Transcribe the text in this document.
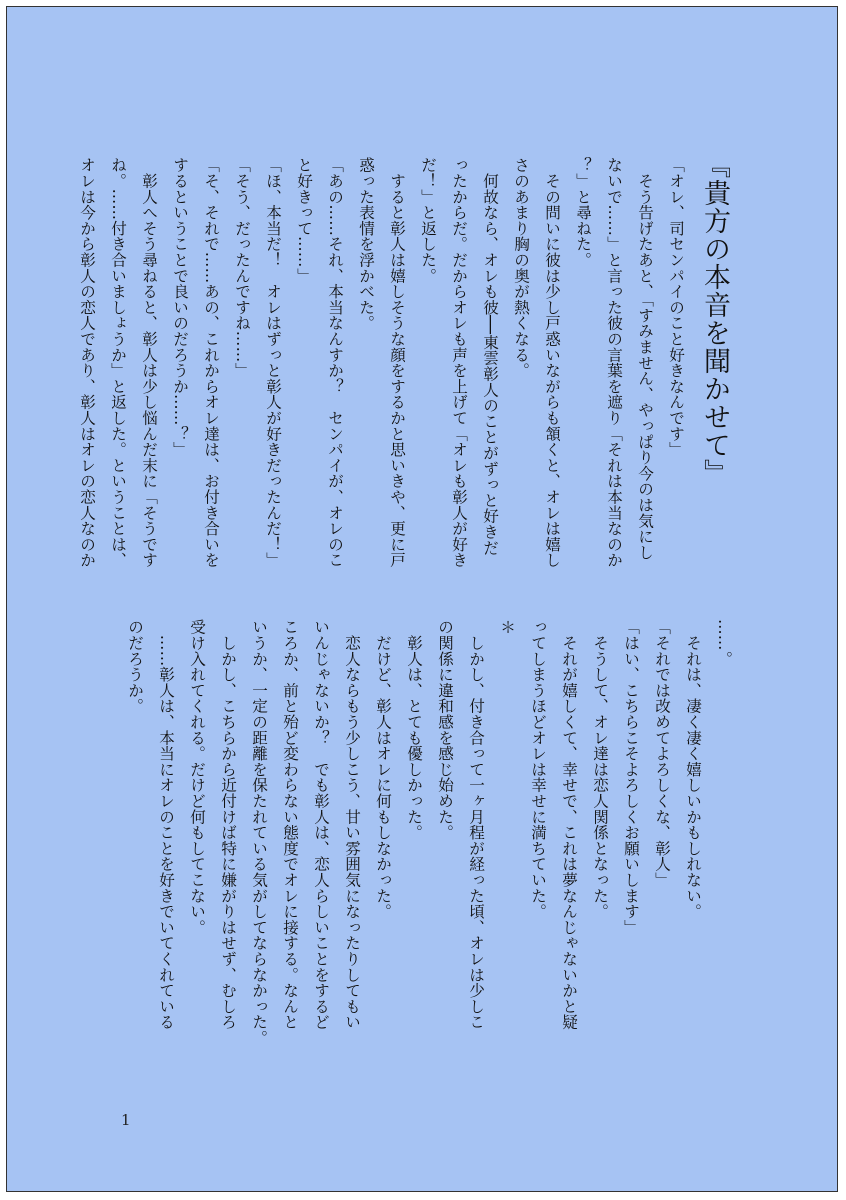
『貴方の本音を聞かせて』

「オレ、司センパイのこと好きなんです」

　そう告げたあと、「すみません、やっぱり今のは気にし

ないで……」と言った彼の言葉を遮り「それは本当なのか

？」と尋ねた。

　その問いに彼は少し戸惑いながらも頷くと、オレは嬉し

さのあまり胸の奥が熱くなる。

　何故なら、オレも彼──東雲彰人のことがずっと好きだ

ったからだ。だからオレも声を上げて「オレも彰人が好き

だ！」と返した。

　すると彰人は嬉しそうな顔をするかと思いきや、更に戸

惑った表情を浮かべた。

「あの……それ、本当なんすか？　センパイが、オレのこ

と好きって……」

「ほ、本当だ！　オレはずっと彰人が好きだったんだ！」

「そう、だったんですね……」

「そ、それで……あの、これからオレ達は、お付き合いを

するということで良いのだろうか……？」

　彰人へそう尋ねると、彰人は少し悩んだ末に「そうです

ね。……付き合いましょうか」と返した。ということは、

オレは今から彰人の恋人であり、彰人はオレの恋人なのか

……。

　それは、凄く凄く嬉しいかもしれない。

「それでは改めてよろしくな、彰人」

「はい、こちらこそよろしくお願いします」

　そうして、オレ達は恋人関係となった。

　それが嬉しくて、幸せで、これは夢なんじゃないかと疑

ってしまうほどオレは幸せに満ちていた。

＊

　しかし、付き合って一ヶ月程が経った頃、オレは少しこ

の関係に違和感を感じ始めた。

　彰人は、とても優しかった。

　だけど、彰人はオレに何もしなかった。

　恋人ならもう少しこう、甘い雰囲気になったりしてもい

いんじゃないか？　でも彰人は、恋人らしいことをするど

ころか、前と殆ど変わらない態度でオレに接する。なんと

いうか、一定の距離を保たれている気がしてならなかった。

　しかし、こちらから近付けば特に嫌がりはせず、むしろ

受け入れてくれる。だけど何もしてこない。

　……彰人は、本当にオレのことを好きでいてくれている

のだろうか。

1
